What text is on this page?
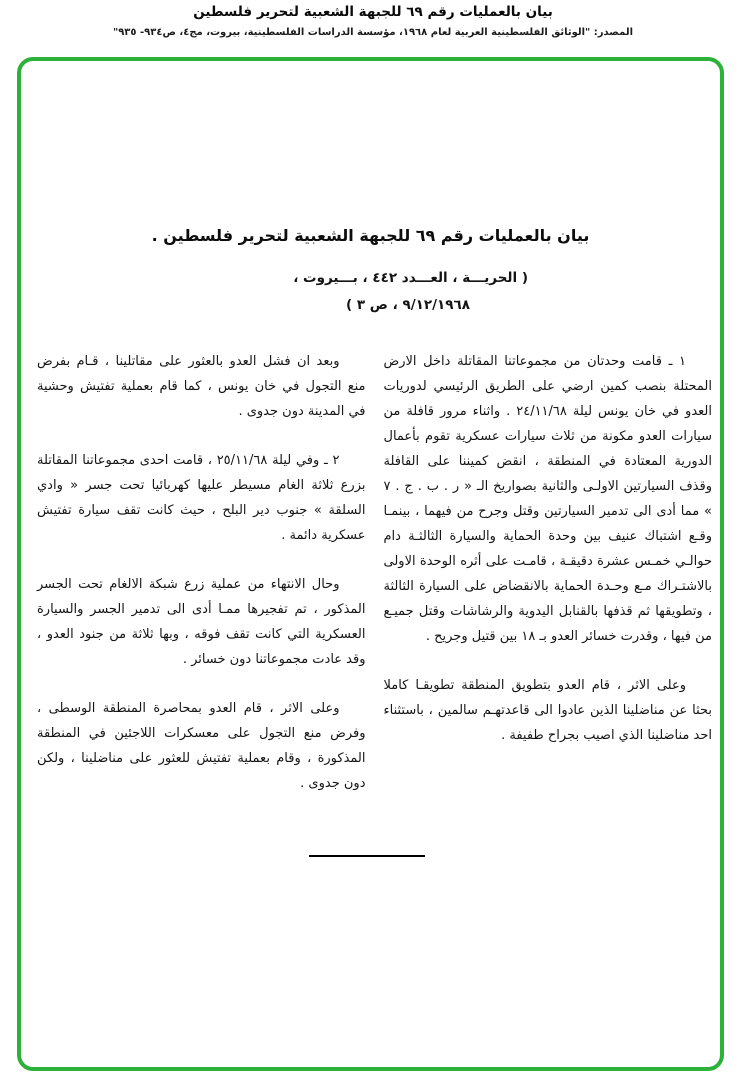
بيان بالعمليات رقم ٦٩ للجبهة الشعبية لتحرير فلسطين
المصدر: "الوثائق الفلسطينية العربية لعام ١٩٦٨، مؤسسة الدراسات الفلسطينية، بيروت، مج٤، ص٩٣٤- ٩٣٥"
بيان بالعمليات رقم ٦٩ للجبهة الشعبية لتحرير فلسطين .
( الحريـــة ، العـــدد ٤٤٢ ، بـــيروت ،
٩/١٢/١٩٦٨ ، ص ٣ )

١ ـ قامت وحدتان من مجموعاتنا المقاتلة داخل الارض المحتلة بنصب كمين ارضي على الطريق الرئيسي لدوريات العدو في خان يونس ليلة ٢٤/١١/٦٨ . واثناء مرور قافلة من سيارات العدو مكونة من ثلاث سيارات عسكرية تقوم بأعمال الدورية المعتادة في المنطقة ، انقض كميننا على القافلة وقذف السيارتين الاولـى والثانية بصواريخ الـ « ر . ب . ج . ٧ » مما أدى الى تدمير السيارتين وقتل وجرح من فيهما ، بينمـا وقـع اشتباك عنيف بين وحدة الحماية والسيارة الثالثـة دام حوالـي خمـس عشرة دقيقـة ، قامـت على أثره الوحدة الاولى بالاشتـراك مـع وحـدة الحماية بالانقضاض على السيارة الثالثة ، وتطويقها ثم قذفها بالقنابل اليدوية والرشاشات وقتل جميـع من فيها ، وقدرت خسائر العدو بـ ١٨ بين قتيل وجريح .

وعلى الاثر ، قام العدو بتطويق المنطقة تطويقـا كاملا بحثا عن مناضلينا الذين عادوا الى قاعدتهـم سالمين ، باستثناء احد مناضلينا الذي اصيب بجراح طفيفة .

وبعد ان فشل العدو بالعثور على مقاتلينا ، قـام بفرض منع التجول في خان يونس ، كما قام بعملية تفتيش وحشية في المدينة دون جدوى .

٢ ـ وفي ليلة ٢٥/١١/٦٨ ، قامت احدى مجموعاتنا المقاتلة بزرع ثلاثة الغام مسيطر عليها كهربائيا تحت جسر « وادي السلقة » جنوب دير البلح ، حيث كانت تقف سيارة تفتيش عسكرية دائمة .

وحال الانتهاء من عملية زرع شبكة الالغام تحت الجسر المذكور ، تم تفجيرها ممـا أدى الى تدمير الجسر والسيارة العسكرية التي كانت تقف فوقه ، وبها ثلاثة من جنود العدو ، وقد عادت مجموعاتنا دون خسائر .

وعلى الاثر ، قام العدو بمحاصرة المنطقة الوسطى ، وفرض منع التجول على معسكرات اللاجئين في المنطقة المذكورة ، وقام بعملية تفتيش للعثور على مناضلينا ، ولكن دون جدوى .
